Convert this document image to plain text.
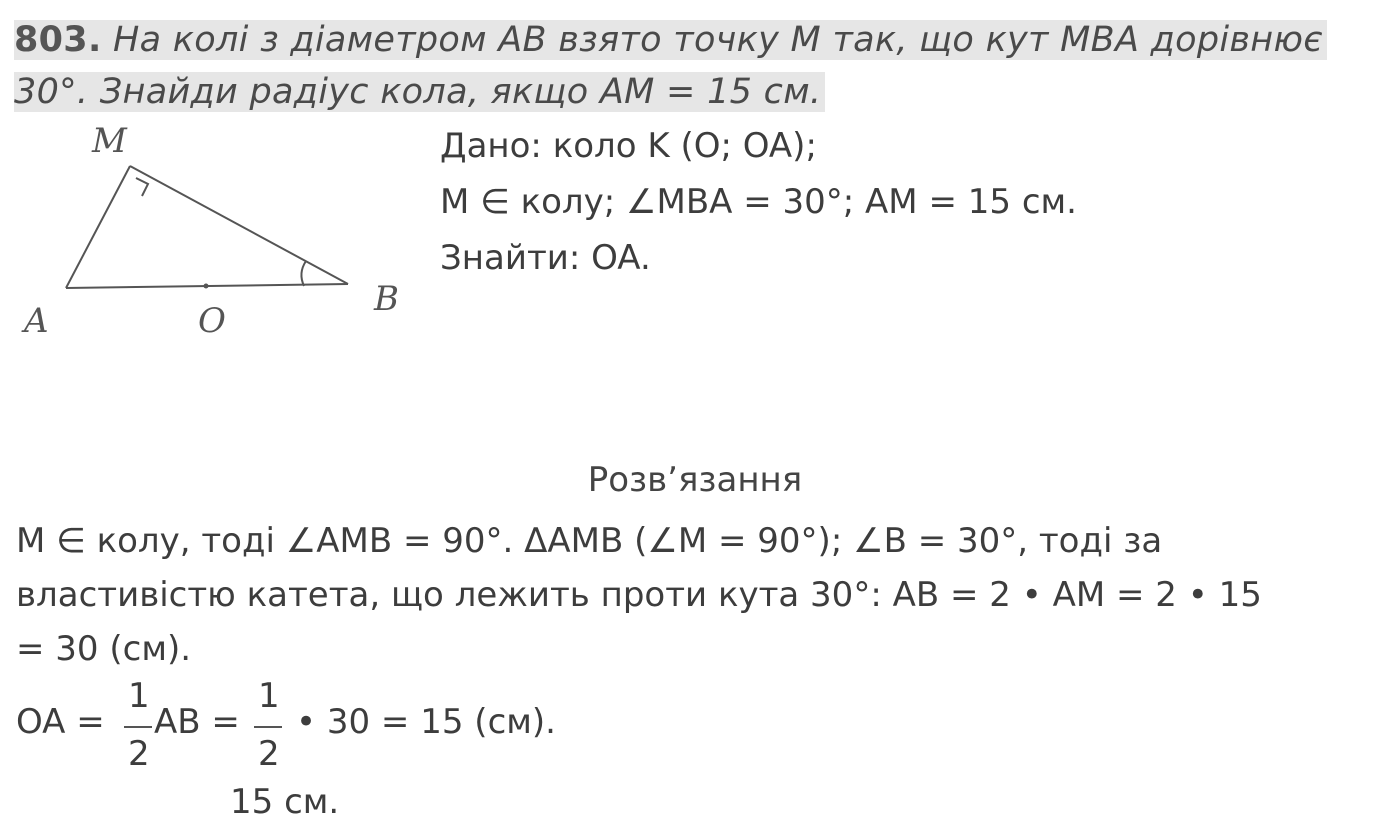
803. На колі з діаметром AB взято точку M так, що кут MBA дорівнює
30°. Знайди радіус кола, якщо AM = 15 см.
M
A	O
B
Дано: коло K (O; OA);
M ∈ колу; ∠MBA = 30°; AM = 15 см.
Знайти: OA.
Розв’язання
M ∈ колу, тоді ∠AMB = 90°. ΔAMB (∠M = 90°); ∠B = 30°, тоді за
властивістю катета, що лежить проти кута 30°: AB = 2 • AM = 2 • 15
= 30 (см).
OA =
1
2
AB =
1
2
• 30 = 15 (см).
15 см.
